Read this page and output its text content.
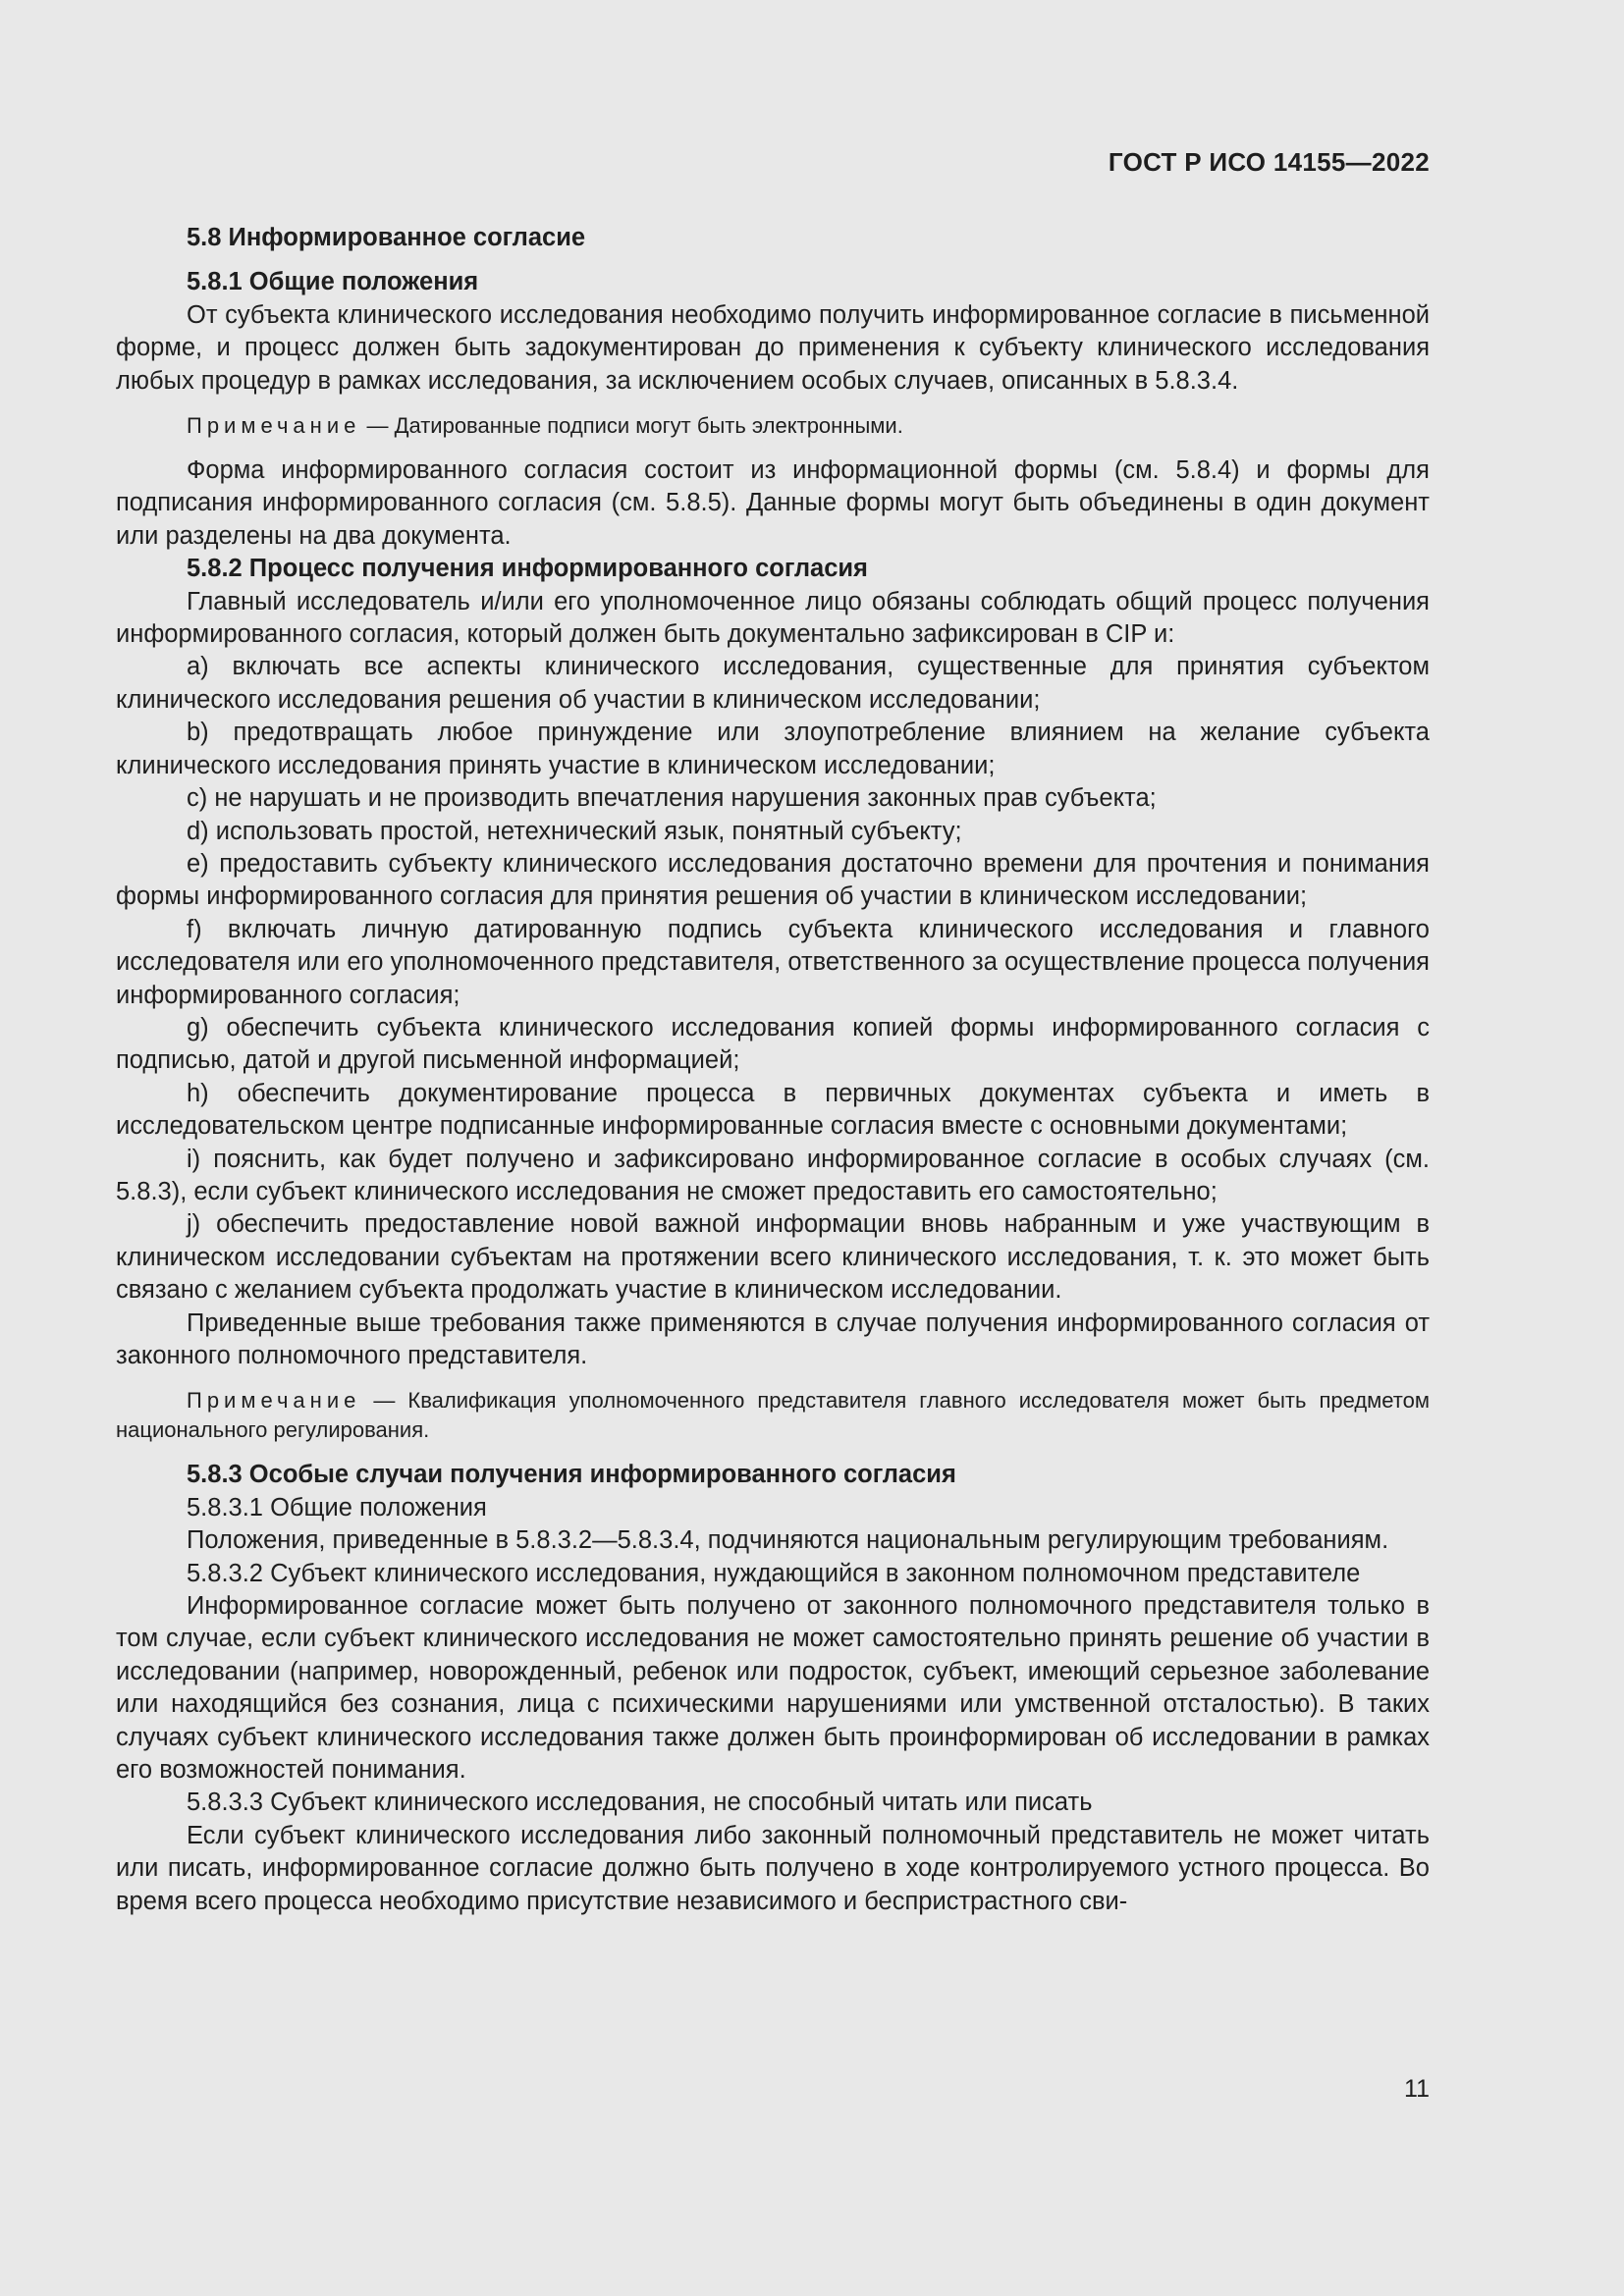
ГОСТ Р ИСО 14155—2022
5.8 Информированное согласие
5.8.1 Общие положения

От субъекта клинического исследования необходимо получить информированное согласие в письменной форме, и процесс должен быть задокументирован до применения к субъекту клинического исследования любых процедур в рамках исследования, за исключением особых случаев, описанных в 5.8.3.4.

Примечание — Датированные подписи могут быть электронными.

Форма информированного согласия состоит из информационной формы (см. 5.8.4) и формы для подписания информированного согласия (см. 5.8.5). Данные формы могут быть объединены в один документ или разделены на два документа.

5.8.2 Процесс получения информированного согласия

Главный исследователь и/или его уполномоченное лицо обязаны соблюдать общий процесс получения информированного согласия, который должен быть документально зафиксирован в CIP и:

a) включать все аспекты клинического исследования, существенные для принятия субъектом клинического исследования решения об участии в клиническом исследовании;

b) предотвращать любое принуждение или злоупотребление влиянием на желание субъекта клинического исследования принять участие в клиническом исследовании;

c) не нарушать и не производить впечатления нарушения законных прав субъекта;

d) использовать простой, нетехнический язык, понятный субъекту;

e) предоставить субъекту клинического исследования достаточно времени для прочтения и понимания формы информированного согласия для принятия решения об участии в клиническом исследовании;

f) включать личную датированную подпись субъекта клинического исследования и главного исследователя или его уполномоченного представителя, ответственного за осуществление процесса получения информированного согласия;

g) обеспечить субъекта клинического исследования копией формы информированного согласия с подписью, датой и другой письменной информацией;

h) обеспечить документирование процесса в первичных документах субъекта и иметь в исследовательском центре подписанные информированные согласия вместе с основными документами;

i) пояснить, как будет получено и зафиксировано информированное согласие в особых случаях (см. 5.8.3), если субъект клинического исследования не сможет предоставить его самостоятельно;

j) обеспечить предоставление новой важной информации вновь набранным и уже участвующим в клиническом исследовании субъектам на протяжении всего клинического исследования, т. к. это может быть связано с желанием субъекта продолжать участие в клиническом исследовании.

Приведенные выше требования также применяются в случае получения информированного согласия от законного полномочного представителя.

Примечание — Квалификация уполномоченного представителя главного исследователя может быть предметом национального регулирования.

5.8.3 Особые случаи получения информированного согласия

5.8.3.1 Общие положения

Положения, приведенные в 5.8.3.2—5.8.3.4, подчиняются национальным регулирующим требованиям.

5.8.3.2 Субъект клинического исследования, нуждающийся в законном полномочном представителе

Информированное согласие может быть получено от законного полномочного представителя только в том случае, если субъект клинического исследования не может самостоятельно принять решение об участии в исследовании (например, новорожденный, ребенок или подросток, субъект, имеющий серьезное заболевание или находящийся без сознания, лица с психическими нарушениями или умственной отсталостью). В таких случаях субъект клинического исследования также должен быть проинформирован об исследовании в рамках его возможностей понимания.

5.8.3.3 Субъект клинического исследования, не способный читать или писать

Если субъект клинического исследования либо законный полномочный представитель не может читать или писать, информированное согласие должно быть получено в ходе контролируемого устного процесса. Во время всего процесса необходимо присутствие независимого и беспристрастного сви-

11
